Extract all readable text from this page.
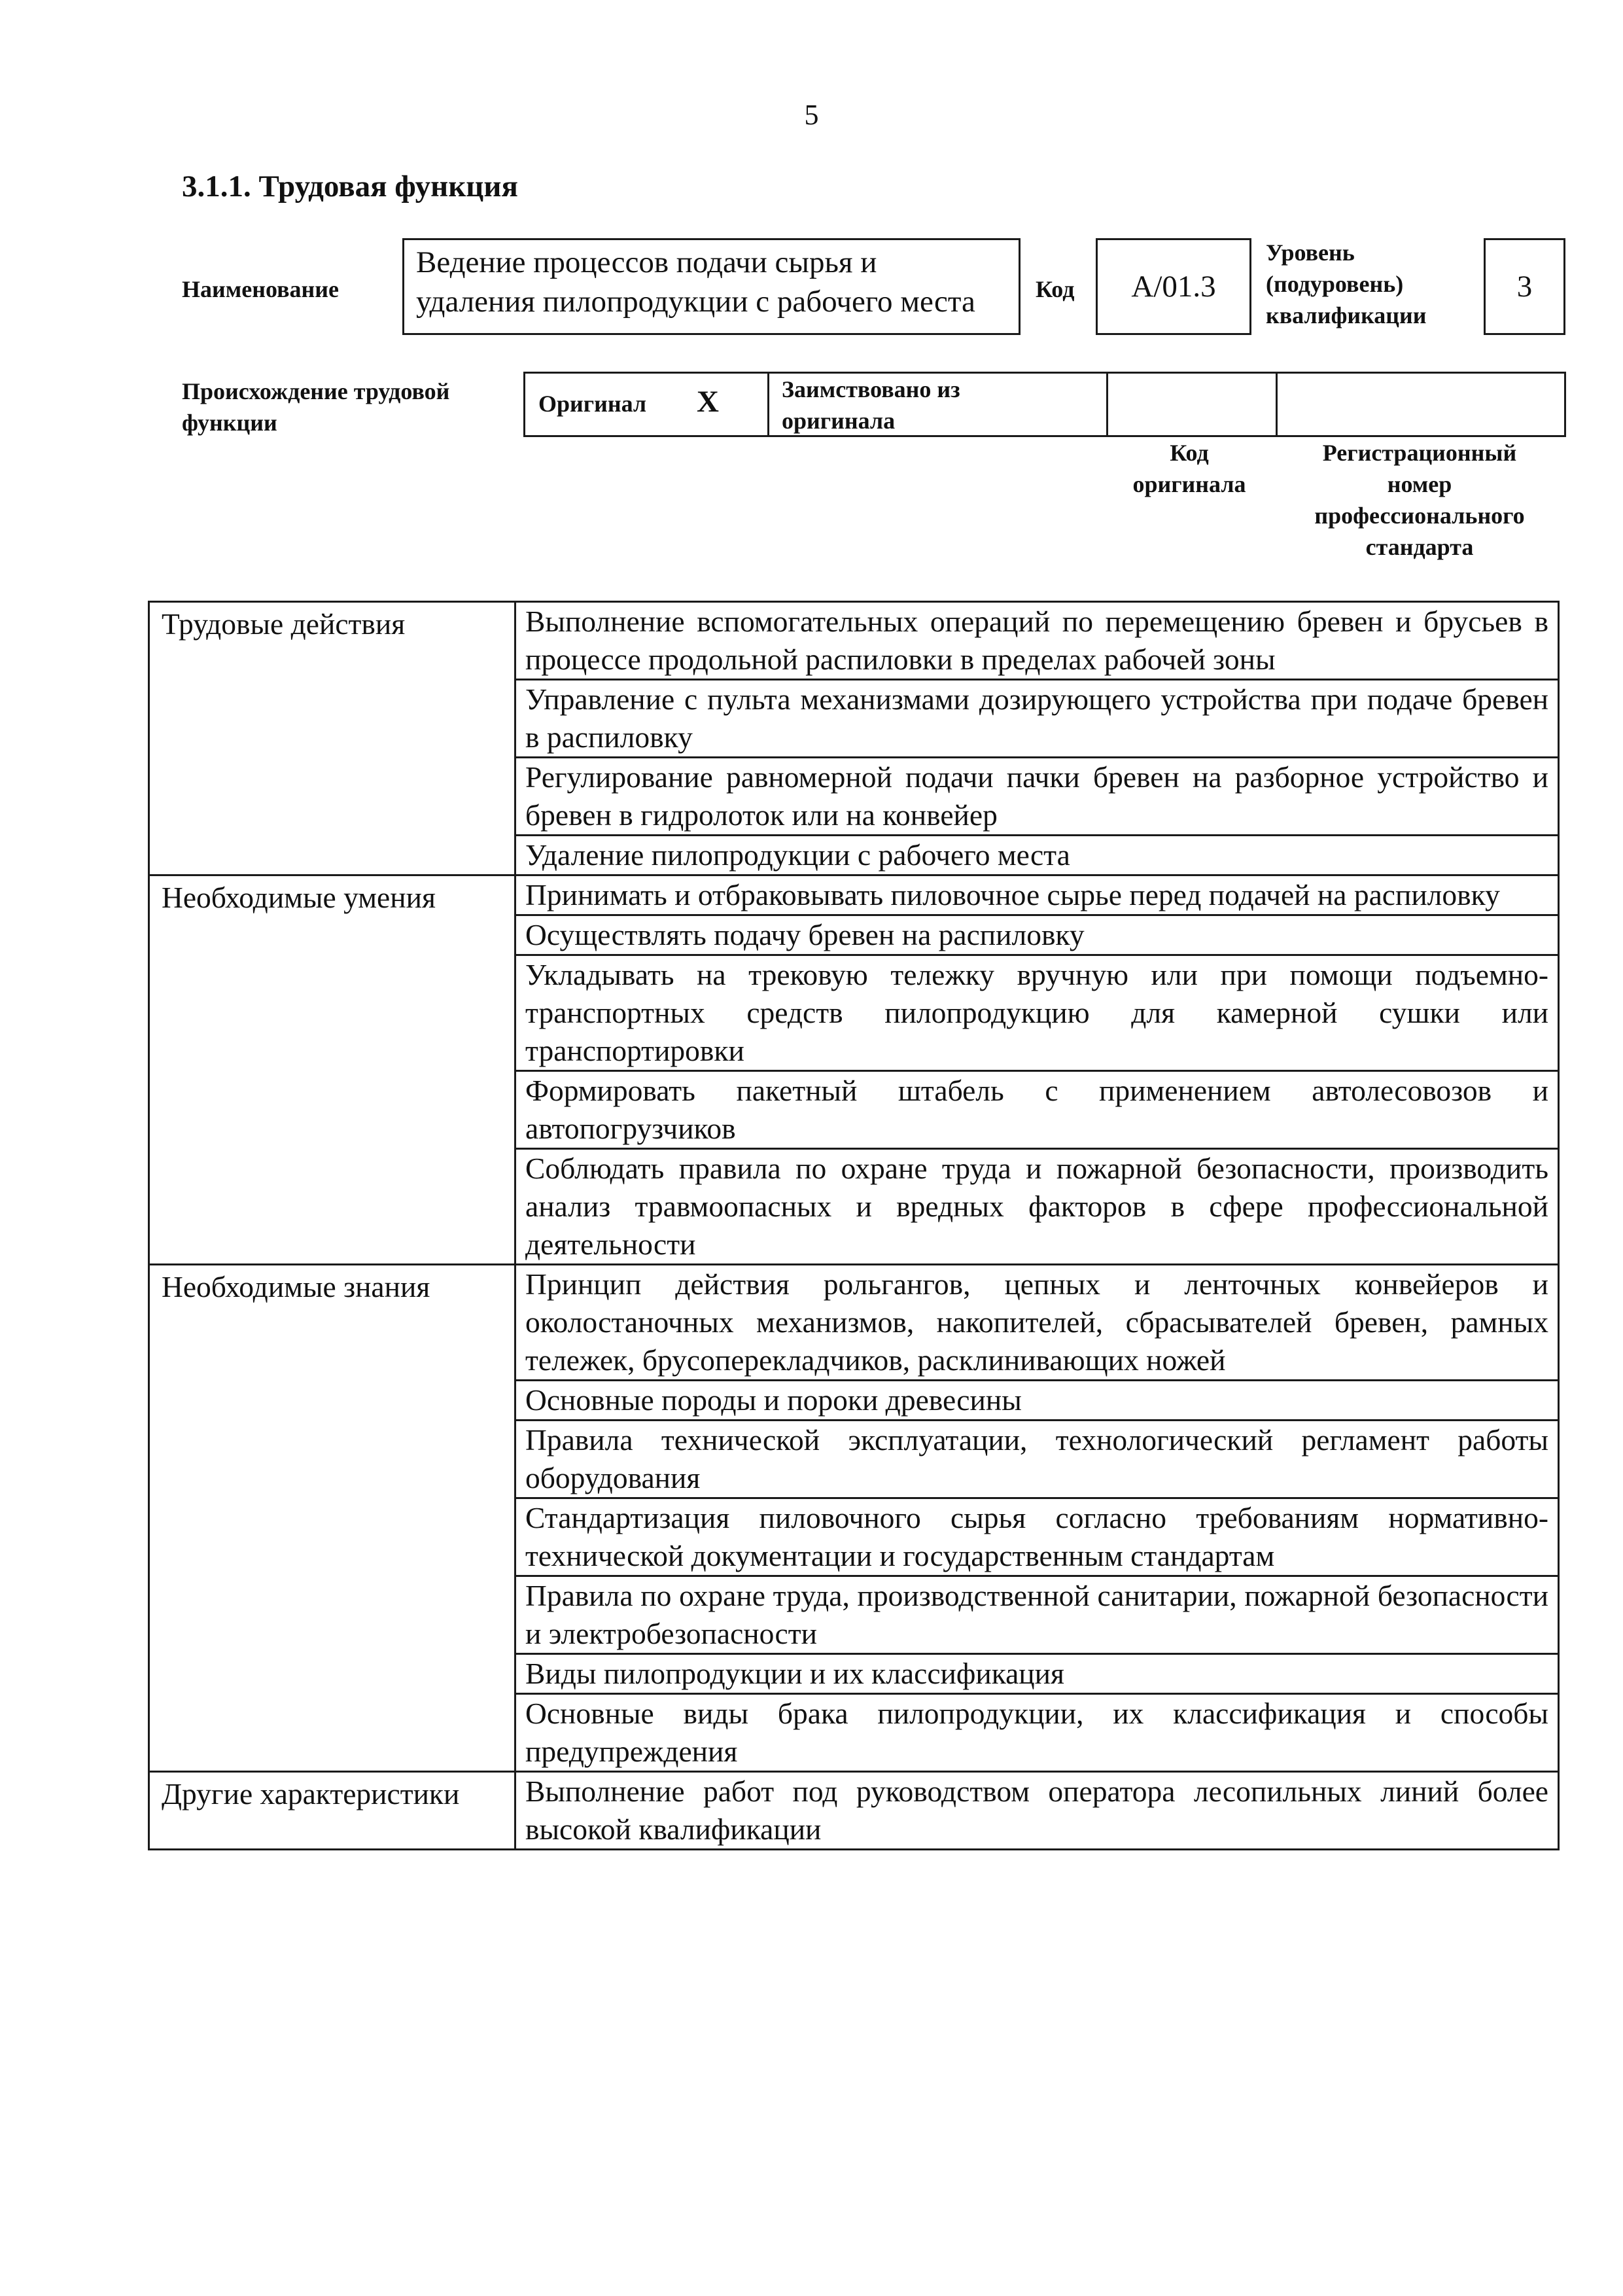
5
3.1.1. Трудовая функция
Наименование
Ведение процессов подачи сырья и
удаления пилопродукции с рабочего места	Код А/01.3
Уровень
(подуровень)
квалификации
3
Происхождение трудовой
функции
Оригинал X	Заимствовано из
оригинала
Код
оригинала
Регистрационный
номер
профессионального
стандарта
Трудовые действия	Выполнение вспомогательных операций по перемещению бревен и брусьев в процессе продольной распиловки в пределах рабочей зоны
	Управление с пульта механизмами дозирующего устройства при подаче бревен в распиловку
	Регулирование равномерной подачи пачки бревен на разборное устройство и бревен в гидролоток или на конвейер
	Удаление пилопродукции с рабочего места
Необходимые умения	Принимать и отбраковывать пиловочное сырье перед подачей на распиловку
	Осуществлять подачу бревен на распиловку
	Укладывать на трековую тележку вручную или при помощи подъемно-транспортных средств пилопродукцию для камерной сушки или транспортировки
	Формировать пакетный штабель с применением автолесовозов и автопогрузчиков
	Соблюдать правила по охране труда и пожарной безопасности, производить анализ травмоопасных и вредных факторов в сфере профессиональной деятельности
Необходимые знания	Принцип действия рольгангов, цепных и ленточных конвейеров и околостаночных механизмов, накопителей, сбрасывателей бревен, рамных тележек, брусоперекладчиков, расклинивающих ножей
	Основные породы и пороки древесины
	Правила технической эксплуатации, технологический регламент работы оборудования
	Стандартизация пиловочного сырья согласно требованиям нормативно-технической документации и государственным стандартам
	Правила по охране труда, производственной санитарии, пожарной безопасности и электробезопасности
	Виды пилопродукции и их классификация
	Основные виды брака пилопродукции, их классификация и способы предупреждения
Другие характеристики	Выполнение работ под руководством оператора лесопильных линий более высокой квалификации
